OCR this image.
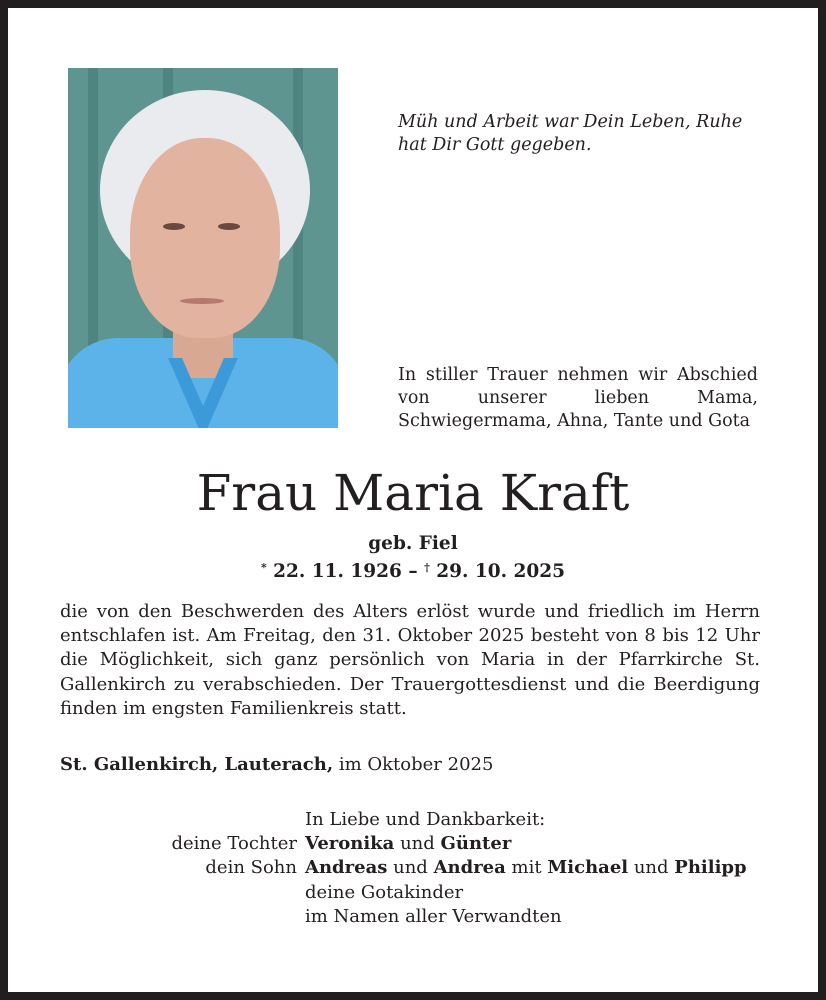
Müh und Arbeit war Dein Leben, Ruhe hat Dir Gott gegeben.
In stiller Trauer nehmen wir Abschied von unserer lieben Mama, Schwiegermama, Ahna, Tante und Gota
Frau Maria Kraft
geb. Fiel
* 22. 11. 1926 – † 29. 10. 2025
die von den Beschwerden des Alters erlöst wurde und friedlich im Herrn entschlafen ist. Am Freitag, den 31. Oktober 2025 besteht von 8 bis 12 Uhr die Möglichkeit, sich ganz persönlich von Maria in der Pfarrkirche St. Gallenkirch zu verabschieden. Der Trauergottesdienst und die Beerdigung finden im engsten Familienkreis statt.
St. Gallenkirch, Lauterach, im Oktober 2025
In Liebe und Dankbarkeit:
deine Tochter Veronika und Günter
dein Sohn Andreas und Andrea mit Michael und Philipp
deine Gotakinder
im Namen aller Verwandten
